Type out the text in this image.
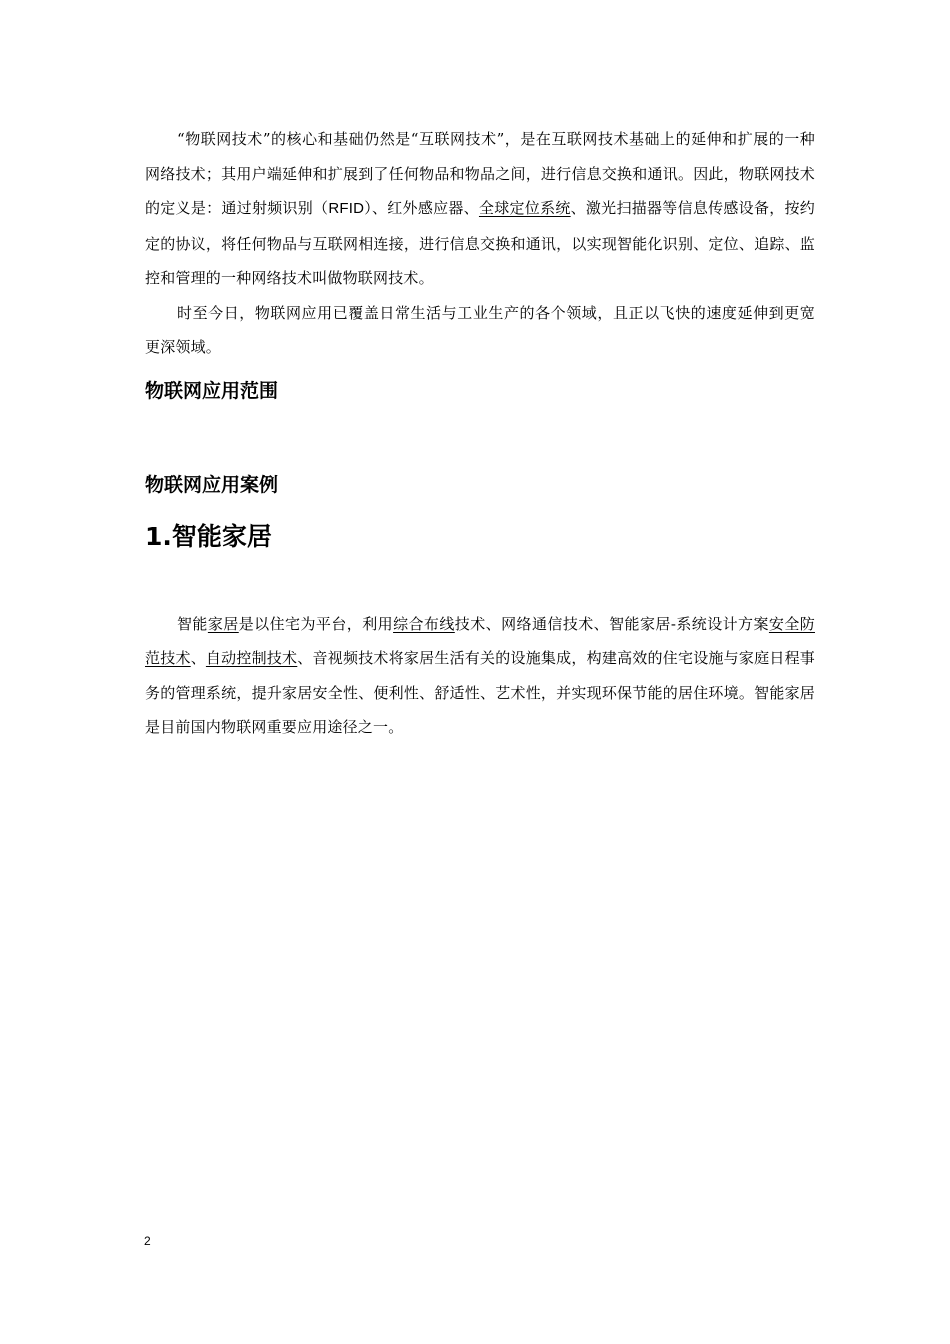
“物联网技术”的核心和基础仍然是“互联网技术”，是在互联网技术基础上的延伸和扩展的一种网络技术；其用户端延伸和扩展到了任何物品和物品之间，进行信息交换和通讯。因此，物联网技术的定义是：通过射频识别（RFID）、红外感应器、全球定位系统、激光扫描器等信息传感设备，按约定的协议，将任何物品与互联网相连接，进行信息交换和通讯，以实现智能化识别、定位、追踪、监控和管理的一种网络技术叫做物联网技术。

时至今日，物联网应用已覆盖日常生活与工业生产的各个领域，且正以飞快的速度延伸到更宽更深领域。

物联网应用范围
物联网应用案例
1.智能家居

智能家居是以住宅为平台，利用综合布线技术、网络通信技术、智能家居-系统设计方案安全防范技术、自动控制技术、音视频技术将家居生活有关的设施集成，构建高效的住宅设施与家庭日程事务的管理系统，提升家居安全性、便利性、舒适性、艺术性，并实现环保节能的居住环境。智能家居是目前国内物联网重要应用途径之一。

2
